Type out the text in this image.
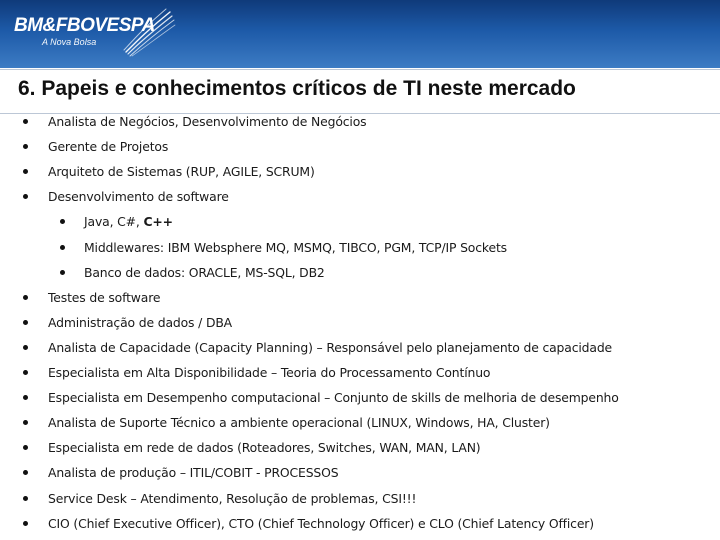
BM&FBOVESPA
A Nova Bolsa
6. Papeis e conhecimentos críticos de TI neste mercado
Analista de Negócios, Desenvolvimento de Negócios
Gerente de Projetos
Arquiteto de Sistemas (RUP, AGILE, SCRUM)
Desenvolvimento de software
Java, C#, C++
Middlewares: IBM Websphere MQ, MSMQ, TIBCO, PGM, TCP/IP Sockets
Banco de dados: ORACLE, MS-SQL, DB2
Testes de software
Administração de dados / DBA
Analista de Capacidade (Capacity Planning) – Responsável pelo planejamento de capacidade
Especialista em Alta Disponibilidade – Teoria do Processamento Contínuo
Especialista em Desempenho computacional – Conjunto de skills de melhoria de desempenho
Analista de Suporte Técnico a ambiente operacional (LINUX, Windows, HA, Cluster)
Especialista em rede de dados (Roteadores, Switches, WAN, MAN, LAN)
Analista de produção – ITIL/COBIT - PROCESSOS
Service Desk – Atendimento, Resolução de problemas, CSI!!!
CIO (Chief Executive Officer), CTO (Chief Technology Officer) e CLO (Chief Latency Officer)
